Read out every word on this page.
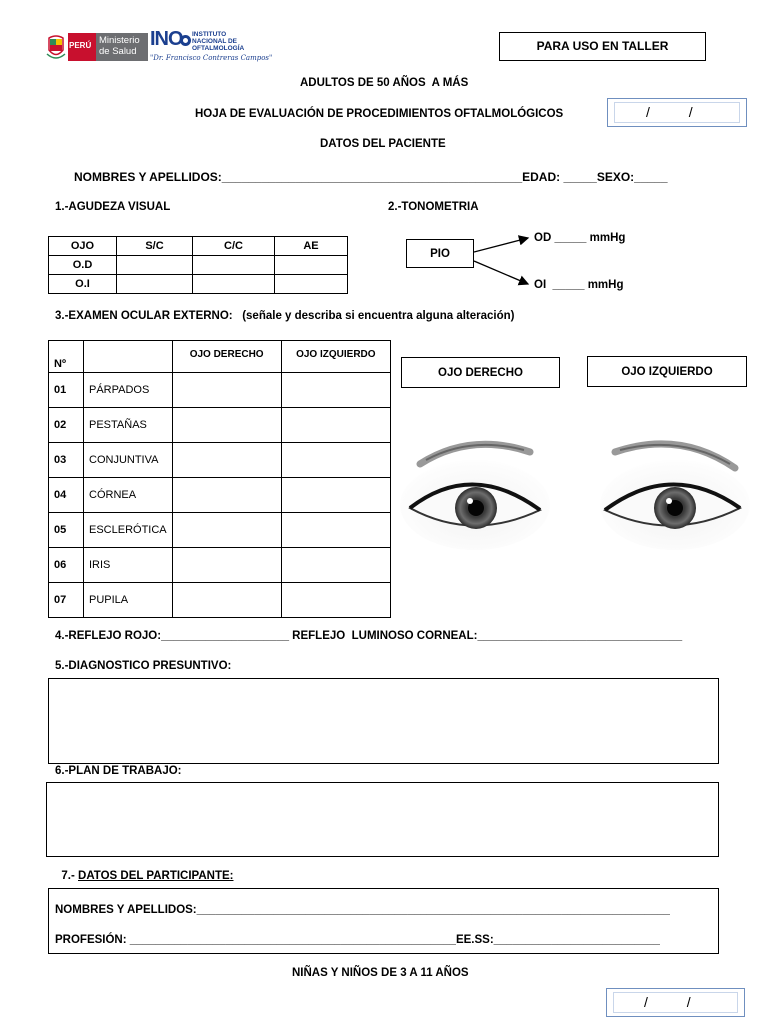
PERÚ Ministerio
de Salud
INO INSTITUTO
NACIONAL DE
OFTALMOLOGÍA
"Dr. Francisco Contreras Campos"
PARA USO EN TALLER
ADULTOS DE 50 AÑOS  A MÁS
HOJA DE EVALUACIÓN DE PROCEDIMIENTOS OFTALMOLÓGICOS	/          /
DATOS DEL PACIENTE
NOMBRES Y APELLIDOS:_____________________________________________EDAD: _____SEXO:_____
1.-AGUDEZA VISUAL
OJO	S/C	C/C	AE
O.D			
O.I			
2.-TONOMETRIA
PIO
OD _____ mmHg
OI  _____ mmHg
3.-EXAMEN OCULAR EXTERNO:   (señale y describa si encuentra alguna alteración)
Nº		OJO DERECHO	OJO IZQUIERDO
01	PÁRPADOS		
02	PESTAÑAS		
03	CONJUNTIVA		
04	CÓRNEA		
05	ESCLERÓTICA		
06	IRIS		
07	PUPILA		
OJO DERECHO	OJO IZQUIERDO
4.-REFLEJO ROJO:____________________ REFLEJO  LUMINOSO CORNEAL:________________________________
5.-DIAGNOSTICO PRESUNTIVO:
6.-PLAN DE TRABAJO:

7.- DATOS DEL PARTICIPANTE:

NOMBRES Y APELLIDOS:__________________________________________________________________________
PROFESIÓN: ___________________________________________________EE.SS:__________________________
NIÑAS Y NIÑOS DE 3 A 11 AÑOS
/          /
